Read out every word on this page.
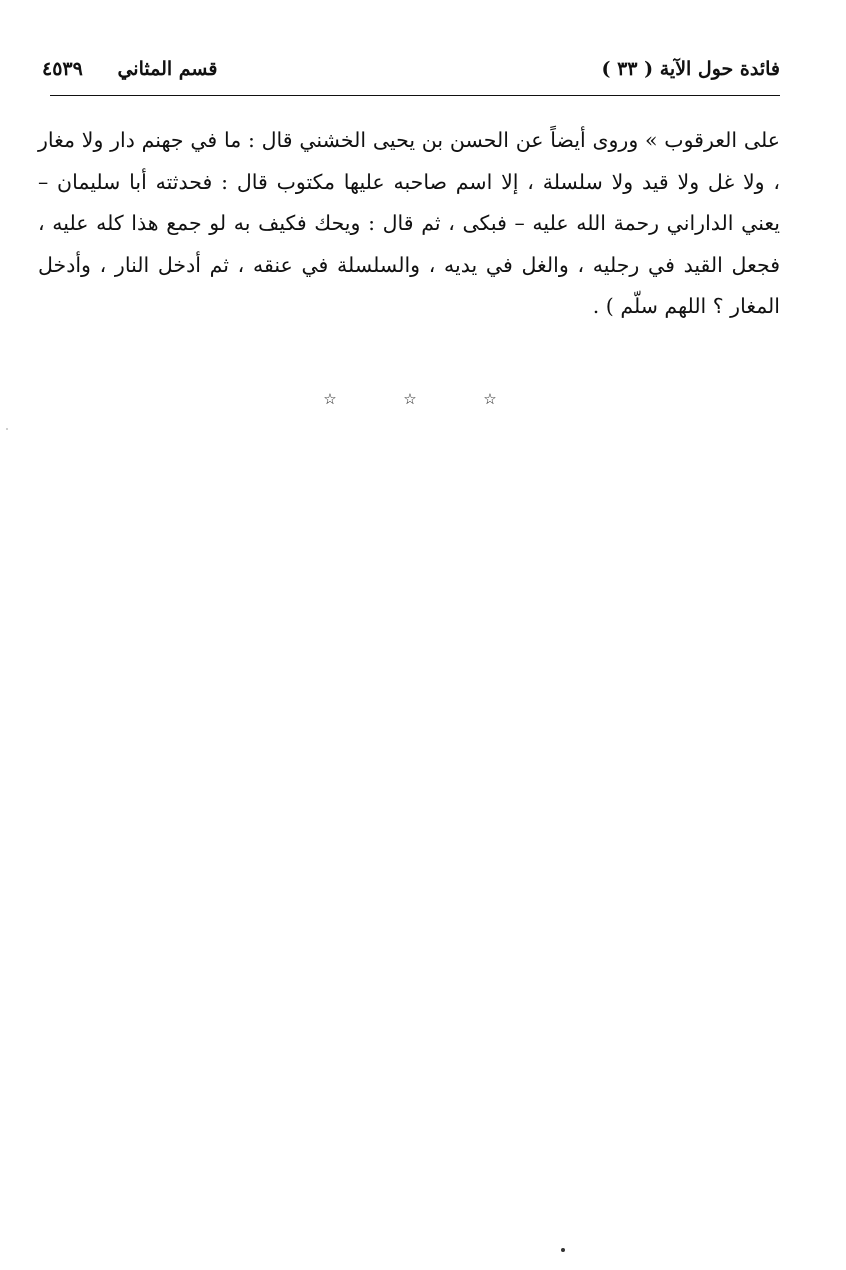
فائدة حول الآية ( ٣٣ )
قسم المثاني ٤٥٣٩

على العرقوب » وروى أيضاً عن الحسن بن يحيى الخشني قال : ما في جهنم دار ولا مغار ، ولا غل ولا قيد ولا سلسلة ، إلا اسم صاحبه عليها مكتوب قال : فحدثته أبا سليمان – يعني الداراني رحمة الله عليه – فبكى ، ثم قال : ويحك فكيف به لو جمع هذا كله عليه ، فجعل القيد في رجليه ، والغل في يديه ، والسلسلة في عنقه ، ثم أدخل النار ، وأدخل المغار ؟ اللهم سلّم ) .

☆	☆	☆
